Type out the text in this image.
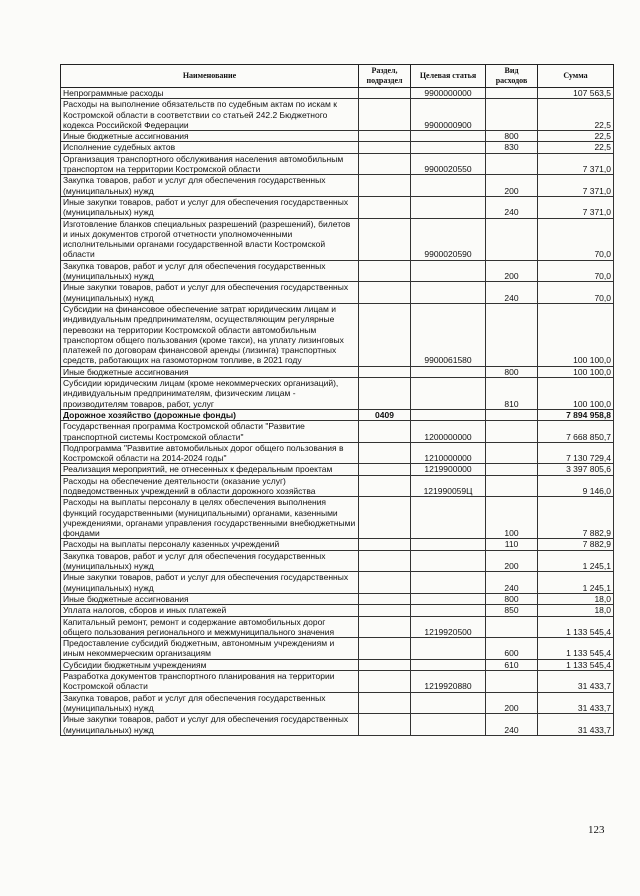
Наименование	Раздел, подраздел	Целевая статья	Вид расходов	Сумма
Непрограммные расходы		9900000000		107 563,5
Расходы на выполнение обязательств по судебным актам по искам к Костромской области в соответствии со статьей 242.2 Бюджетного кодекса Российской Федерации		9900000900		22,5
Иные бюджетные ассигнования			800	22,5
Исполнение судебных актов			830	22,5
Организация транспортного обслуживания населения автомобильным транспортом на территории Костромской области		9900020550		7 371,0
Закупка товаров, работ и услуг для обеспечения государственных (муниципальных) нужд			200	7 371,0
Иные закупки товаров, работ и услуг для обеспечения государственных (муниципальных) нужд			240	7 371,0
Изготовление бланков специальных разрешений (разрешений), билетов и иных документов строгой отчетности уполномоченными исполнительными органами государственной власти Костромской области		9900020590		70,0
Закупка товаров, работ и услуг для обеспечения государственных (муниципальных) нужд			200	70,0
Иные закупки товаров, работ и услуг для обеспечения государственных (муниципальных) нужд			240	70,0
Субсидии на финансовое обеспечение затрат юридическим лицам и индивидуальным предпринимателям, осуществляющим регулярные перевозки на территории Костромской области автомобильным транспортом общего пользования (кроме такси), на уплату лизинговых платежей по договорам финансовой аренды (лизинга) транспортных средств, работающих на газомоторном топливе, в 2021 году		9900061580		100 100,0
Иные бюджетные ассигнования			800	100 100,0
Субсидии юридическим лицам (кроме некоммерческих организаций), индивидуальным предпринимателям, физическим лицам - производителям товаров, работ, услуг			810	100 100,0
Дорожное хозяйство (дорожные фонды)	0409			7 894 958,8
Государственная программа Костромской области "Развитие транспортной системы Костромской области"		1200000000		7 668 850,7
Подпрограмма "Развитие автомобильных дорог общего пользования в Костромской области на 2014-2024 годы"		1210000000		7 130 729,4
Реализация мероприятий, не отнесенных к федеральным проектам		1219900000		3 397 805,6
Расходы на обеспечение деятельности (оказание услуг) подведомственных учреждений в области дорожного хозяйства		121990059Ц		9 146,0
Расходы на выплаты персоналу в целях обеспечения выполнения функций государственными (муниципальными) органами, казенными учреждениями, органами управления государственными внебюджетными фондами			100	7 882,9
Расходы на выплаты персоналу казенных учреждений			110	7 882,9
Закупка товаров, работ и услуг для обеспечения государственных (муниципальных) нужд			200	1 245,1
Иные закупки товаров, работ и услуг для обеспечения государственных (муниципальных) нужд			240	1 245,1
Иные бюджетные ассигнования			800	18,0
Уплата налогов, сборов и иных платежей			850	18,0
Капитальный ремонт, ремонт и содержание автомобильных дорог общего пользования регионального и межмуниципального значения		1219920500		1 133 545,4
Предоставление субсидий бюджетным, автономным учреждениям и иным некоммерческим организациям			600	1 133 545,4
Субсидии бюджетным учреждениям			610	1 133 545,4
Разработка документов транспортного планирования на территории Костромской области		1219920880		31 433,7
Закупка товаров, работ и услуг для обеспечения государственных (муниципальных) нужд			200	31 433,7
Иные закупки товаров, работ и услуг для обеспечения государственных (муниципальных) нужд			240	31 433,7
123
